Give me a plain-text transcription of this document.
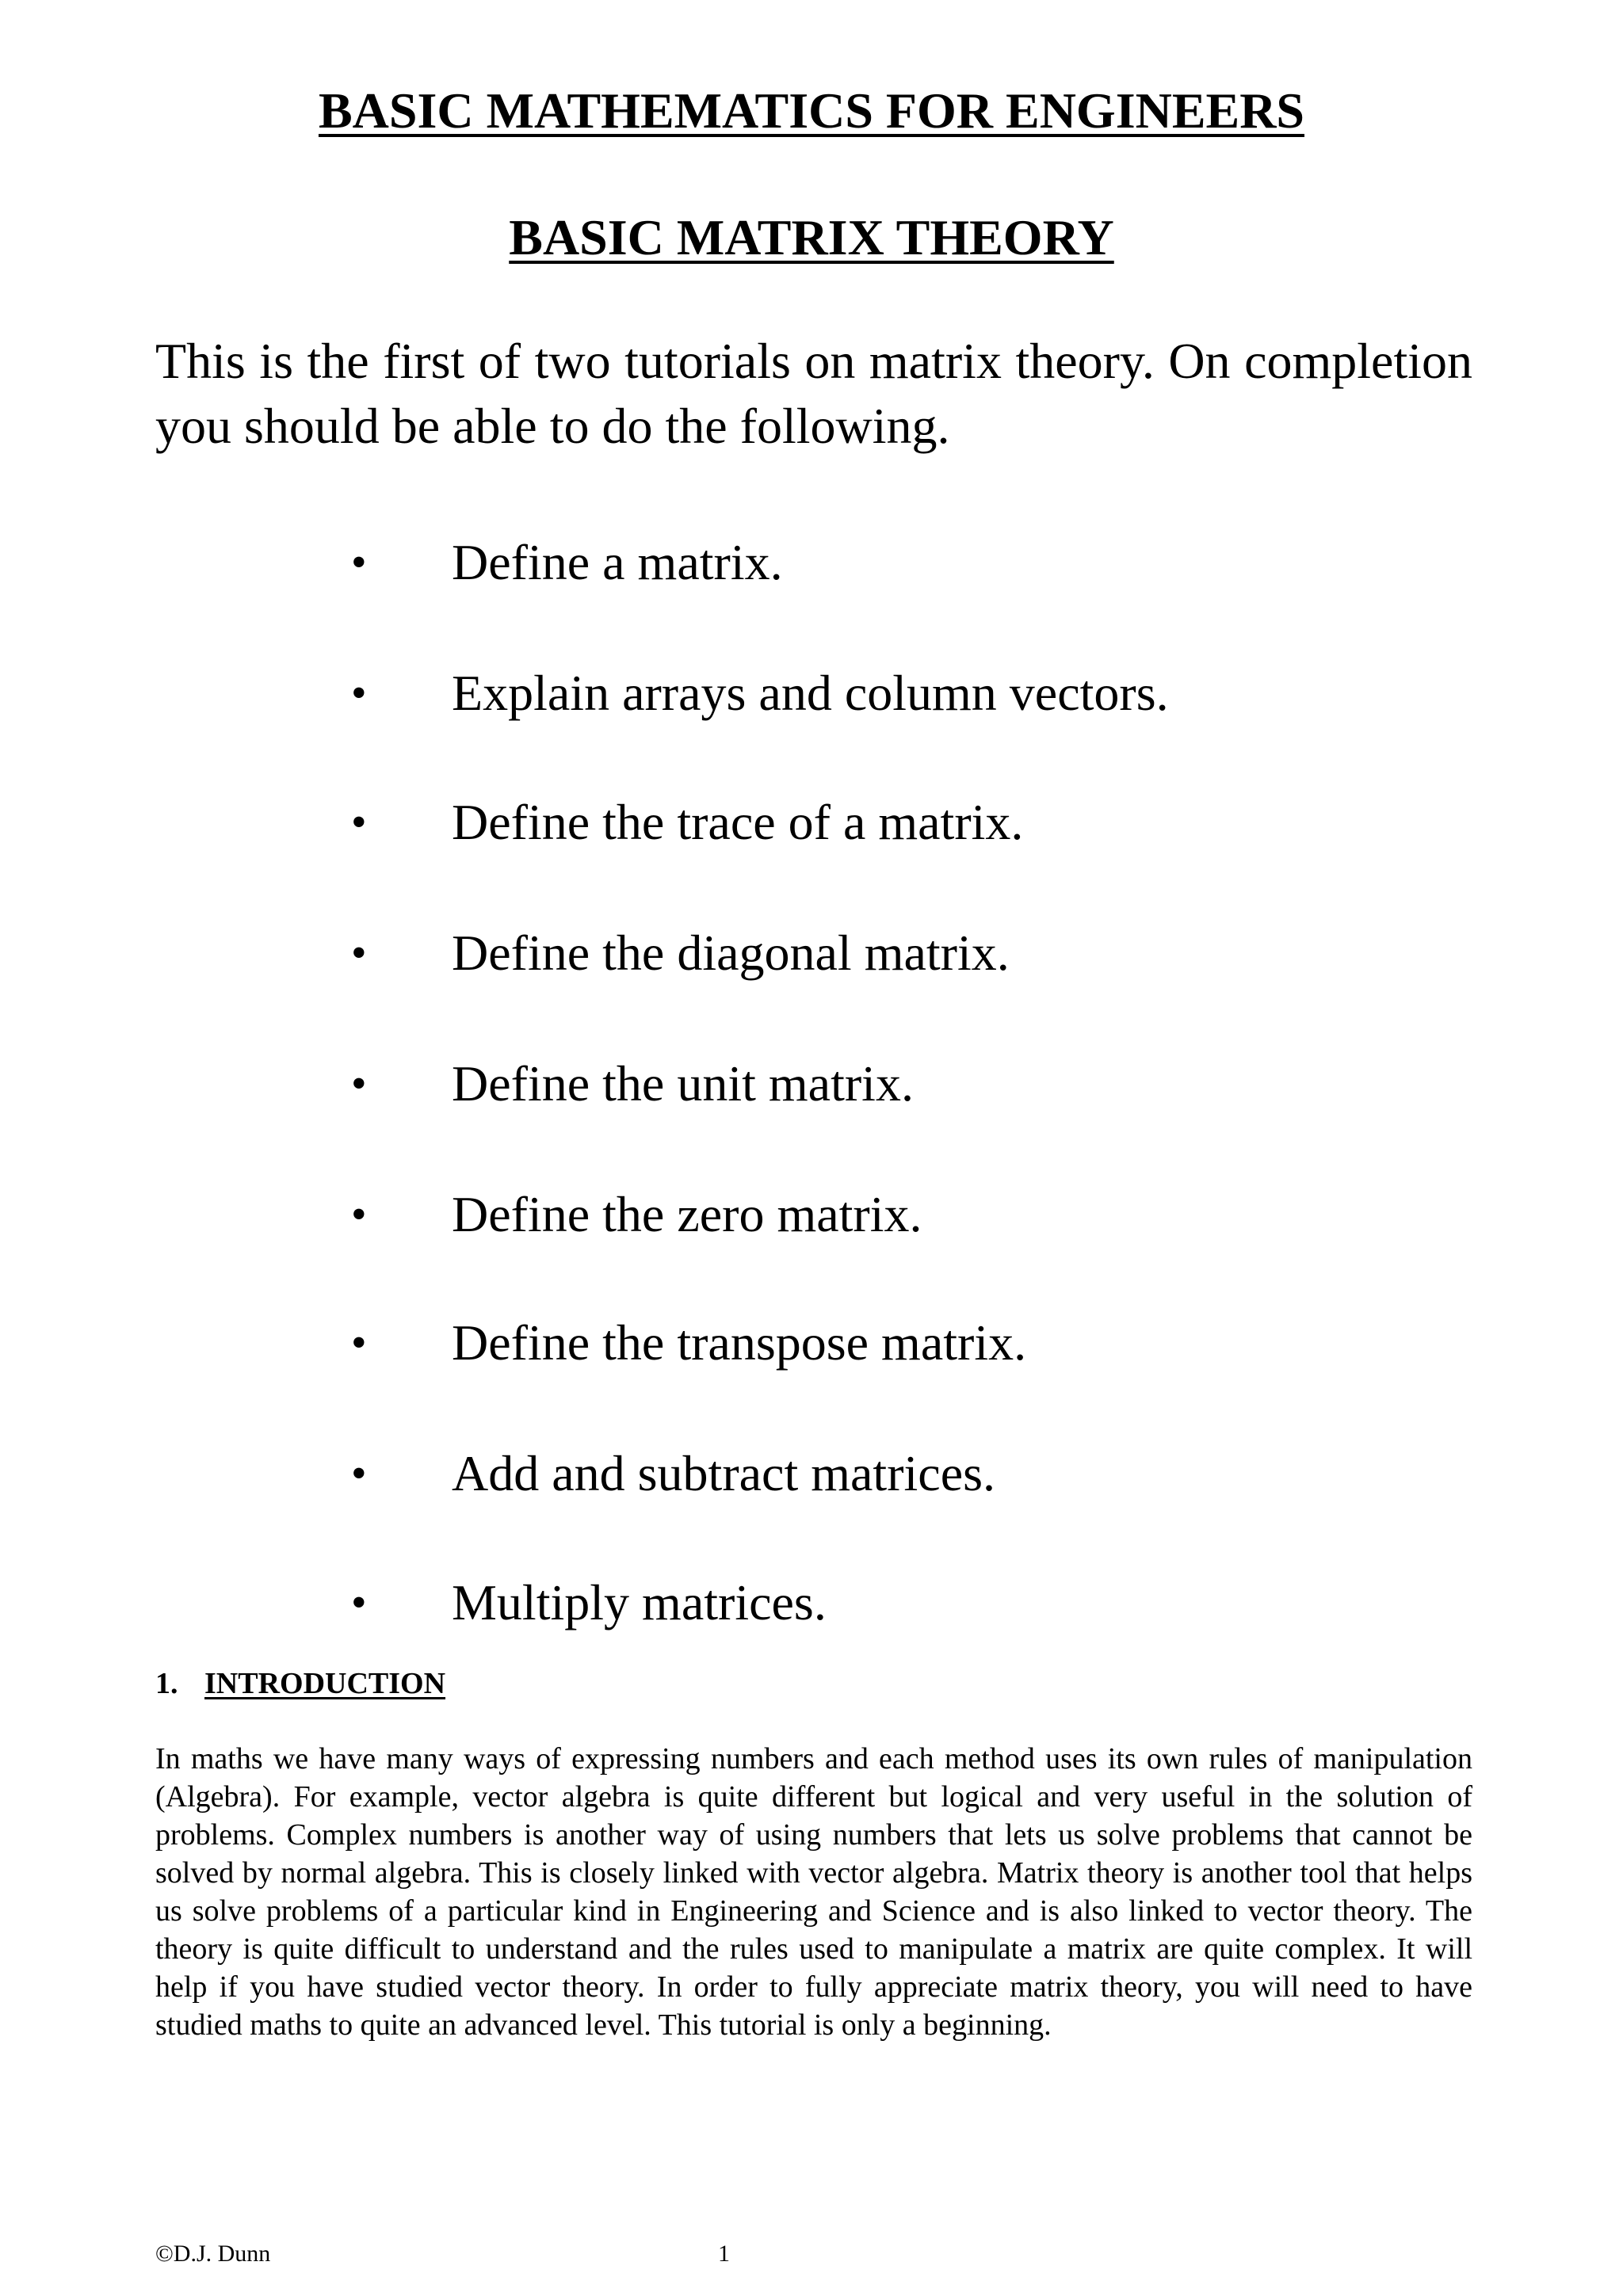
BASIC MATHEMATICS FOR ENGINEERS
BASIC MATRIX THEORY

This is the first of two tutorials on matrix theory. On completion you should be able to do the following.

• Define a matrix.
• Explain arrays and column vectors.
• Define the trace of a matrix.
• Define the diagonal matrix.
• Define the unit matrix.
• Define the zero matrix.
• Define the transpose matrix.
• Add and subtract matrices.
• Multiply matrices.
1. INTRODUCTION

In maths we have many ways of expressing numbers and each method uses its own rules of manipulation (Algebra). For example, vector algebra is quite different but logical and very useful in the solution of problems. Complex numbers is another way of using numbers that lets us solve problems that cannot be solved by normal algebra. This is closely linked with vector algebra. Matrix theory is another tool that helps us solve problems of a particular kind in Engineering and Science and is also linked to vector theory. The theory is quite difficult to understand and the rules used to manipulate a matrix are quite complex. It will help if you have studied vector theory. In order to fully appreciate matrix theory, you will need to have studied maths to quite an advanced level. This tutorial is only a beginning.

©D.J. Dunn	1
